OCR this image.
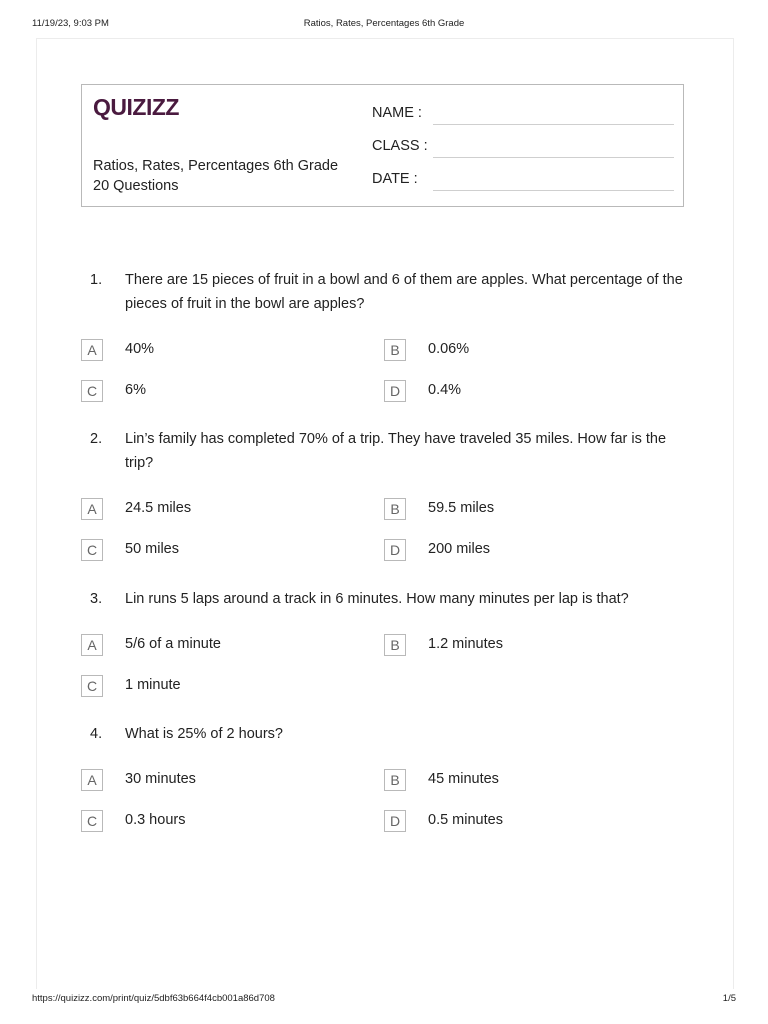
11/19/23, 9:03 PM	Ratios, Rates, Percentages 6th Grade
QUIZIZZ
Ratios, Rates, Percentages 6th Grade
20 Questions
NAME :
CLASS :
DATE :
1. There are 15 pieces of fruit in a bowl and 6 of them are apples. What percentage of the pieces of fruit in the bowl are apples?
A	40%	B	0.06%
C	6%	D	0.4%
2. Lin’s family has completed 70% of a trip. They have traveled 35 miles. How far is the trip?
A	24.5 miles	B	59.5 miles
C	50 miles	D	200 miles
3. Lin runs 5 laps around a track in 6 minutes. How many minutes per lap is that?
A	5/6 of a minute	B	1.2 minutes
C	1 minute
4. What is 25% of 2 hours?
A	30 minutes	B	45 minutes
C	0.3 hours	D	0.5 minutes
https://quizizz.com/print/quiz/5dbf63b664f4cb001a86d708	1/5
